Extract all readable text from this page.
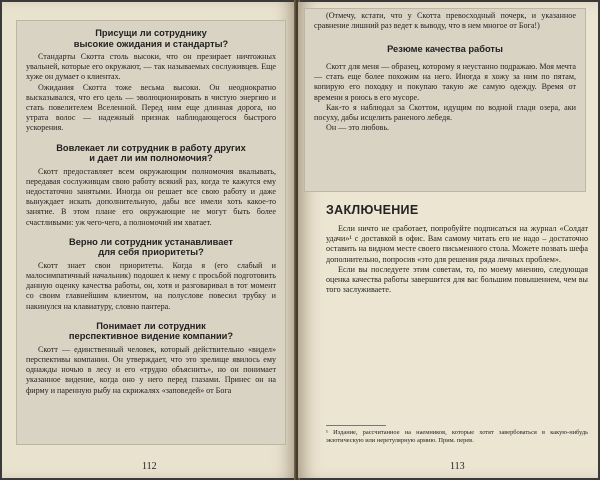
Присущи ли сотруднику
высокие ожидания и стандарты?

Стандарты Скотта столь высоки, что он презирает ничтожных увальней, которые его окружают, — так называемых сослуживцев. Еще хуже он думает о клиентах.

Ожидания Скотта тоже весьма высоки. Он неоднократно высказывался, что его цель — эволюционировать в чистую энергию и стать повелителем Вселенной. Перед ним еще длинная дорога, но утрата волос — надежный признак наблюдающегося быстрого ускорения.

Вовлекает ли сотрудник в работу других
и дает ли им полномочия?

Скотт предоставляет всем окружающим полномочия вкалывать, передавая сослуживцам свою работу всякий раз, когда те кажутся ему недостаточно занятыми. Иногда он решает все свою работу и даже вынуждает искать дополнительную, дабы все имели хоть какое-то занятие. В этом плане его окружающие не могут быть более счастливыми: уж чего-чего, а полномочий им хватает.

Верно ли сотрудник устанавливает
для себя приоритеты?

Скотт знает свои приоритеты. Когда я (его слабый и малосимпатичный начальник) подошел к нему с просьбой подготовить данную оценку качества работы, он, хотя и разговаривал в тот момент со своим главнейшим клиентом, на полуслове повесил трубку и накинулся на клавиатуру, словно пантера.

Понимает ли сотрудник
перспективное видение компании?

Скотт — единственный человек, который действительно «видел» перспективы компании. Он утверждает, что это зрелище явилось ему однажды ночью в лесу и его «трудно объяснить», но он понимает указанное видение, когда оно у него перед глазами. Принес он на фирму и паренную рыбу на скрижалях «заповедей» от Бога

112

(Отмечу, кстати, что у Скотта превосходный почерк, и указанное сравнение лишний раз ведет к выводу, что в нем многое от Бога!)

Резюме качества работы

Скотт для меня — образец, которому я неустанно подражаю. Моя мечта — стать еще более похожим на него. Иногда я хожу за ним по пятам, копирую его походку и покупаю такую же самую одежду. Время от времени я роюсь в его мусоре.

Как-то я наблюдал за Скоттом, идущим по водной глади озера, аки посуху, дабы исцелить раненого лебедя.

Он — это любовь.

ЗАКЛЮЧЕНИЕ

Если ничто не сработает, попробуйте подписаться на журнал «Солдат удачи»¹ с доставкой в офис. Вам самому читать его не надо – достаточно оставить на видном месте своего письменного стола. Можете позвать шефа дополнительно, попросив «это для решения ряда личных проблем».

Если вы последуете этим советам, то, по моему мнению, следующая оценка качества работы завершится для вас большим повышением, чем вы того заслуживаете.

¹ Издание, рассчитанное на наемников, которые хотят завербоваться в какую-нибудь экзотическую или неретулярную армию. Прим. перев.
113
